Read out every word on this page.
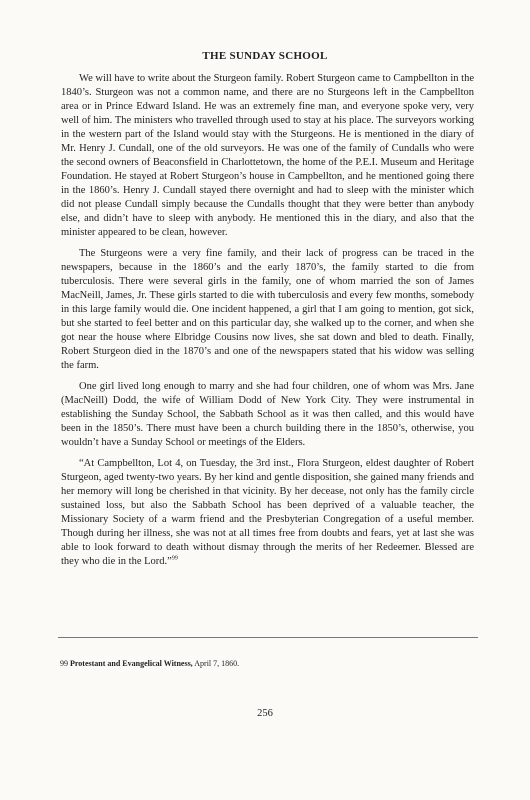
THE SUNDAY SCHOOL

We will have to write about the Sturgeon family. Robert Sturgeon came to Campbellton in the 1840’s. Sturgeon was not a common name, and there are no Sturgeons left in the Campbellton area or in Prince Edward Island. He was an extremely fine man, and everyone spoke very, very well of him. The ministers who travelled through used to stay at his place. The surveyors working in the western part of the Island would stay with the Sturgeons. He is mentioned in the diary of Mr. Henry J. Cundall, one of the old surveyors. He was one of the family of Cundalls who were the second owners of Beaconsfield in Charlottetown, the home of the P.E.I. Museum and Heritage Foundation. He stayed at Robert Sturgeon’s house in Campbellton, and he mentioned going there in the 1860’s. Henry J. Cundall stayed there overnight and had to sleep with the minister which did not please Cundall simply because the Cundalls thought that they were better than anybody else, and didn’t have to sleep with anybody. He mentioned this in the diary, and also that the minister appeared to be clean, however.

The Sturgeons were a very fine family, and their lack of progress can be traced in the newspapers, because in the 1860’s and the early 1870’s, the family started to die from tuberculosis. There were several girls in the family, one of whom married the son of James MacNeill, James, Jr. These girls started to die with tuberculosis and every few months, somebody in this large family would die. One incident happened, a girl that I am going to mention, got sick, but she started to feel better and on this particular day, she walked up to the corner, and when she got near the house where Elbridge Cousins now lives, she sat down and bled to death. Finally, Robert Sturgeon died in the 1870’s and one of the newspapers stated that his widow was selling the farm.

One girl lived long enough to marry and she had four children, one of whom was Mrs. Jane (MacNeill) Dodd, the wife of William Dodd of New York City. They were instrumental in establishing the Sunday School, the Sabbath School as it was then called, and this would have been in the 1850’s. There must have been a church building there in the 1850’s, otherwise, you wouldn’t have a Sunday School or meetings of the Elders.

“At Campbellton, Lot 4, on Tuesday, the 3rd inst., Flora Sturgeon, eldest daughter of Robert Sturgeon, aged twenty-two years. By her kind and gentle disposition, she gained many friends and her memory will long be cherished in that vicinity. By her decease, not only has the family circle sustained loss, but also the Sabbath School has been deprived of a valuable teacher, the Missionary Society of a warm friend and the Presbyterian Congregation of a useful member. Though during her illness, she was not at all times free from doubts and fears, yet at last she was able to look forward to death without dismay through the merits of her Redeemer. Blessed are they who die in the Lord.”$^{99}$

99 Protestant and Evangelical Witness, April 7, 1860.
256
